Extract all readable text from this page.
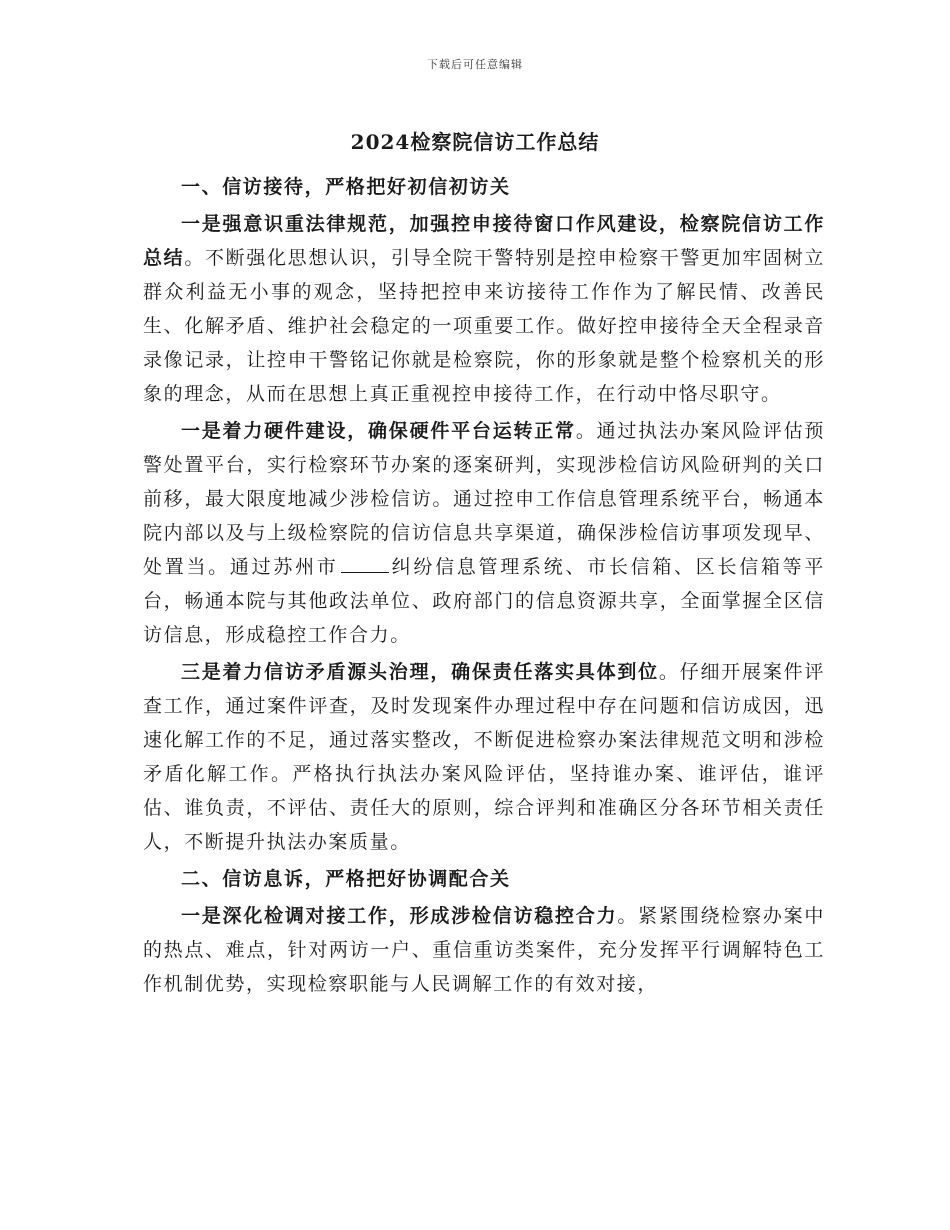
下载后可任意编辑
2024检察院信访工作总结
一、信访接待，严格把好初信初访关

一是强意识重法律规范，加强控申接待窗口作风建设，检察院信访工作总结。不断强化思想认识，引导全院干警特别是控申检察干警更加牢固树立群众利益无小事的观念，坚持把控申来访接待工作作为了解民情、改善民生、化解矛盾、维护社会稳定的一项重要工作。做好控申接待全天全程录音录像记录，让控申干警铭记你就是检察院，你的形象就是整个检察机关的形象的理念，从而在思想上真正重视控申接待工作，在行动中恪尽职守。

一是着力硬件建设，确保硬件平台运转正常。通过执法办案风险评估预警处置平台，实行检察环节办案的逐案研判，实现涉检信访风险研判的关口前移，最大限度地减少涉检信访。通过控申工作信息管理系统平台，畅通本院内部以及与上级检察院的信访信息共享渠道，确保涉检信访事项发现早、处置当。通过苏州市	纠纷信息管理系统、市长信箱、区长信箱等平台，畅通本院与其他政法单位、政府部门的信息资源共享，全面掌握全区信访信息，形成稳控工作合力。

三是着力信访矛盾源头治理，确保责任落实具体到位。仔细开展案件评查工作，通过案件评查，及时发现案件办理过程中存在问题和信访成因，迅速化解工作的不足，通过落实整改，不断促进检察办案法律规范文明和涉检矛盾化解工作。严格执行执法办案风险评估，坚持谁办案、谁评估，谁评估、谁负责，不评估、责任大的原则，综合评判和准确区分各环节相关责任人，不断提升执法办案质量。

二、信访息诉，严格把好协调配合关

一是深化检调对接工作，形成涉检信访稳控合力。紧紧围绕检察办案中的热点、难点，针对两访一户、重信重访类案件，充分发挥平行调解特色工作机制优势，实现检察职能与人民调解工作的有效对接，
